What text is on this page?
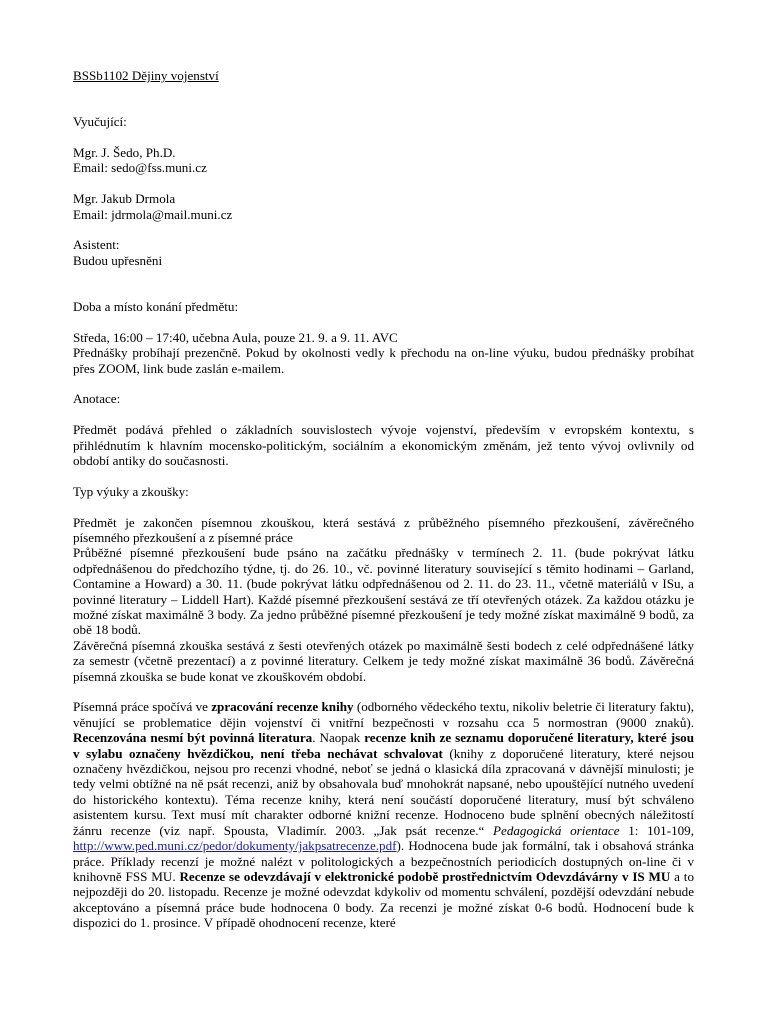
BSSb1102 Dějiny vojenství

Vyučující:

Mgr. J. Šedo, Ph.D.

Email: sedo@fss.muni.cz

Mgr. Jakub Drmola

Email: jdrmola@mail.muni.cz

Asistent:

Budou upřesněni

Doba a místo konání předmětu:

Středa, 16:00 – 17:40, učebna Aula, pouze 21. 9. a 9. 11. AVC

Přednášky probíhají prezenčně. Pokud by okolnosti vedly k přechodu na on-line výuku, budou přednášky probíhat přes ZOOM, link bude zaslán e-mailem.

Anotace:

Předmět podává přehled o základních souvislostech vývoje vojenství, především v evropském kontextu, s přihlédnutím k hlavním mocensko-politickým, sociálním a ekonomickým změnám, jež tento vývoj ovlivnily od období antiky do současnosti.

Typ výuky a zkoušky:

Předmět je zakončen písemnou zkouškou, která sestává z průběžného písemného přezkoušení, závěrečného písemného přezkoušení a z písemné práce

Průběžné písemné přezkoušení bude psáno na začátku přednášky v termínech 2. 11. (bude pokrývat látku odpřednášenou do předchozího týdne, tj. do 26. 10., vč. povinné literatury související s těmito hodinami – Garland, Contamine a Howard) a 30. 11. (bude pokrývat látku odpřednášenou od 2. 11. do 23. 11., včetně materiálů v ISu, a povinné literatury – Liddell Hart). Každé písemné přezkoušení sestává ze tří otevřených otázek. Za každou otázku je možné získat maximálně 3 body. Za jedno průběžné písemné přezkoušení je tedy možné získat maximálně 9 bodů, za obě 18 bodů.

Závěrečná písemná zkouška sestává z šesti otevřených otázek po maximálně šesti bodech z celé odpřednášené látky za semestr (včetně prezentací) a z povinné literatury. Celkem je tedy možné získat maximálně 36 bodů. Závěrečná písemná zkouška se bude konat ve zkouškovém období.

Písemná práce spočívá ve zpracování recenze knihy (odborného vědeckého textu, nikoliv beletrie či literatury faktu), věnující se problematice dějin vojenství či vnitřní bezpečnosti v rozsahu cca 5 normostran (9000 znaků). Recenzována nesmí být povinná literatura. Naopak recenze knih ze seznamu doporučené literatury, které jsou v sylabu označeny hvězdičkou, není třeba nechávat schvalovat (knihy z doporučené literatury, které nejsou označeny hvězdičkou, nejsou pro recenzi vhodné, neboť se jedná o klasická díla zpracovaná v dávnější minulosti; je tedy velmi obtížné na ně psát recenzi, aniž by obsahovala buď mnohokrát napsané, nebo upouštějící nutného uvedení do historického kontextu). Téma recenze knihy, která není součástí doporučené literatury, musí být schváleno asistentem kursu. Text musí mít charakter odborné knižní recenze. Hodnoceno bude splnění obecných náležitostí žánru recenze (viz např. Spousta, Vladimír. 2003. „Jak psát recenze.“ Pedagogická orientace 1: 101-109, http://www.ped.muni.cz/pedor/dokumenty/jakpsatrecenze.pdf). Hodnocena bude jak formální, tak i obsahová stránka práce. Příklady recenzí je možné nalézt v politologických a bezpečnostních periodicích dostupných on-line či v knihovně FSS MU. Recenze se odevzdávají v elektronické podobě prostřednictvím Odevzdávárny v IS MU a to nejpozději do 20. listopadu. Recenze je možné odevzdat kdykoliv od momentu schválení, pozdější odevzdání nebude akceptováno a písemná práce bude hodnocena 0 body. Za recenzi je možné získat 0-6 bodů. Hodnocení bude k dispozici do 1. prosince. V případě ohodnocení recenze, které
